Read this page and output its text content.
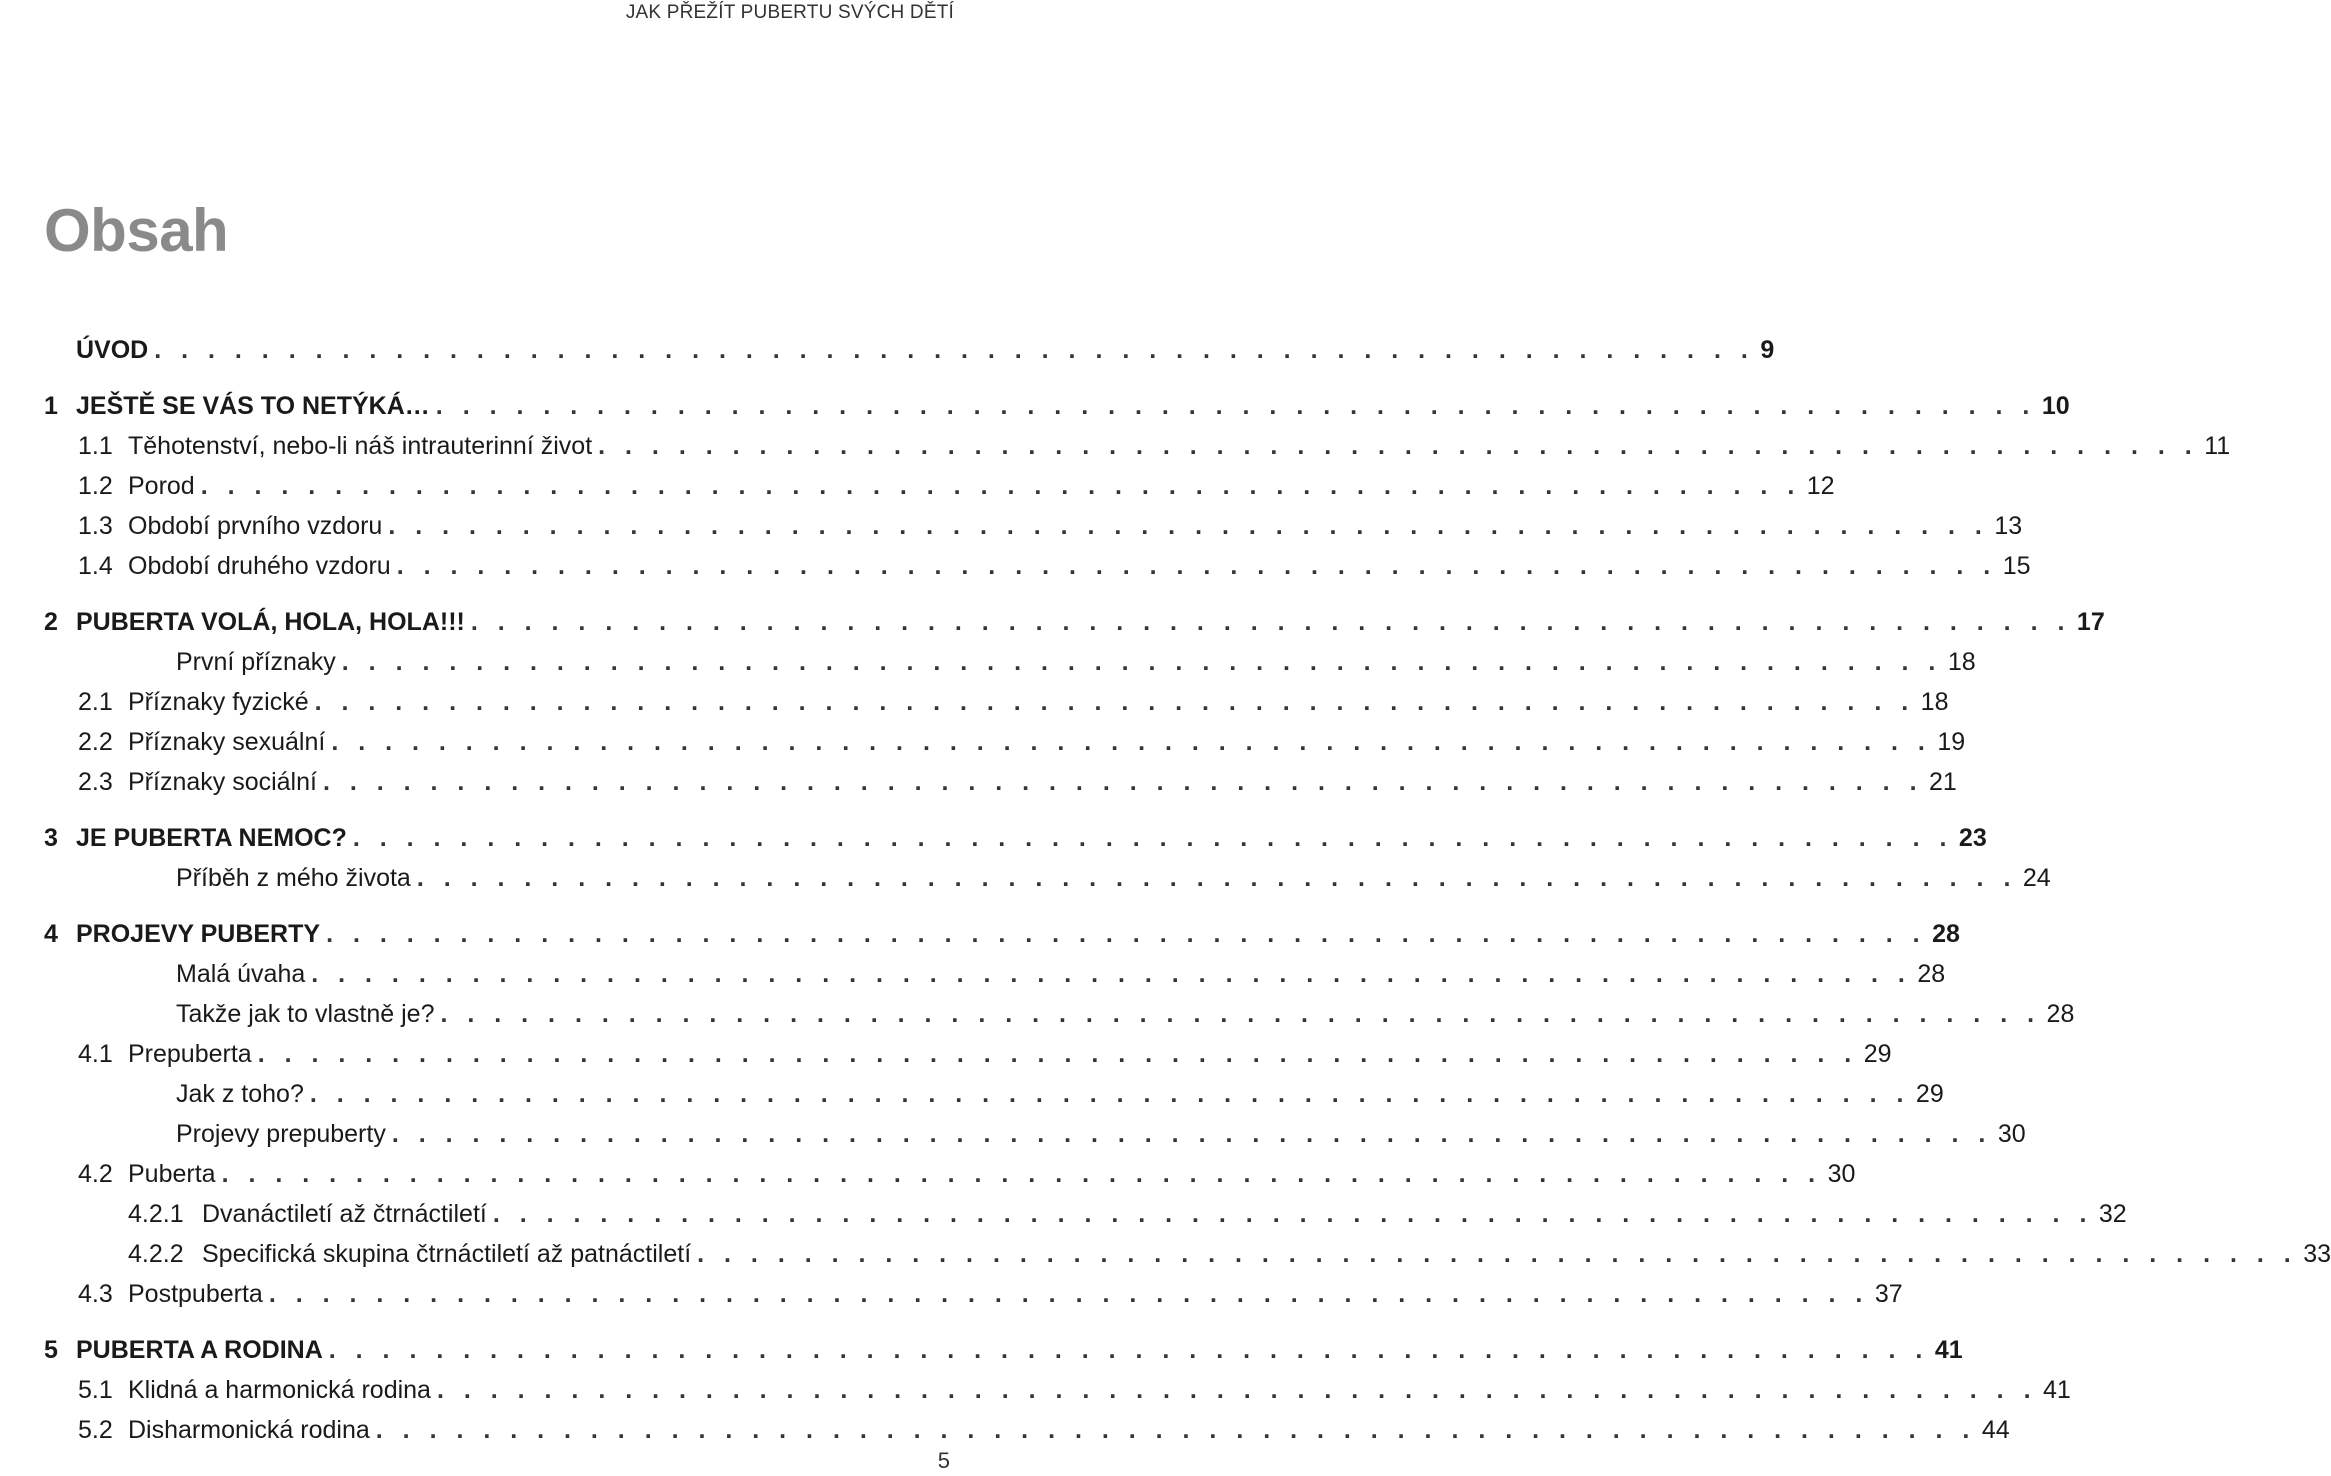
JAK PŘEŽÍT PUBERTU SVÝCH DĚTÍ
Obsah
ÚVOD . . . . . . . . . . . . . . . . . . . . . . . . . . . . . . . . . . . . . . . . . . . . . . . . . . . . . . . . . . . . 9
1 JEŠTĚ SE VÁS TO NETÝKÁ… . . . . . . . . . . . . . . . . . . . . . . . . . . . . . . . . . . . . . . . . . . . . . . . . . . . . . . . . . . . . 10
1.1 Těhotenství, nebo-li náš intrauterinní život . . . . . . . . . . . . . . . . . . . . . . . . . . . . . . . . . . . . . . . . . . . . . . . . . . . . . . . . . . . . 11
1.2 Porod . . . . . . . . . . . . . . . . . . . . . . . . . . . . . . . . . . . . . . . . . . . . . . . . . . . . . . . . . . . . 12
1.3 Období prvního vzdoru . . . . . . . . . . . . . . . . . . . . . . . . . . . . . . . . . . . . . . . . . . . . . . . . . . . . . . . . . . . . 13
1.4 Období druhého vzdoru . . . . . . . . . . . . . . . . . . . . . . . . . . . . . . . . . . . . . . . . . . . . . . . . . . . . . . . . . . . . 15
2 PUBERTA VOLÁ, HOLA, HOLA!!! . . . . . . . . . . . . . . . . . . . . . . . . . . . . . . . . . . . . . . . . . . . . . . . . . . . . . . . . . . . . 17
První příznaky . . . . . . . . . . . . . . . . . . . . . . . . . . . . . . . . . . . . . . . . . . . . . . . . . . . . . . . . . . . . 18
2.1 Příznaky fyzické . . . . . . . . . . . . . . . . . . . . . . . . . . . . . . . . . . . . . . . . . . . . . . . . . . . . . . . . . . . . 18
2.2 Příznaky sexuální . . . . . . . . . . . . . . . . . . . . . . . . . . . . . . . . . . . . . . . . . . . . . . . . . . . . . . . . . . . . 19
2.3 Příznaky sociální . . . . . . . . . . . . . . . . . . . . . . . . . . . . . . . . . . . . . . . . . . . . . . . . . . . . . . . . . . . . 21
3 JE PUBERTA NEMOC? . . . . . . . . . . . . . . . . . . . . . . . . . . . . . . . . . . . . . . . . . . . . . . . . . . . . . . . . . . . . 23
Příběh z mého života . . . . . . . . . . . . . . . . . . . . . . . . . . . . . . . . . . . . . . . . . . . . . . . . . . . . . . . . . . . . 24
4 PROJEVY PUBERTY . . . . . . . . . . . . . . . . . . . . . . . . . . . . . . . . . . . . . . . . . . . . . . . . . . . . . . . . . . . . 28
Malá úvaha . . . . . . . . . . . . . . . . . . . . . . . . . . . . . . . . . . . . . . . . . . . . . . . . . . . . . . . . . . . . 28
Takže jak to vlastně je? . . . . . . . . . . . . . . . . . . . . . . . . . . . . . . . . . . . . . . . . . . . . . . . . . . . . . . . . . . . . 28
4.1 Prepuberta . . . . . . . . . . . . . . . . . . . . . . . . . . . . . . . . . . . . . . . . . . . . . . . . . . . . . . . . . . . . 29
Jak z toho? . . . . . . . . . . . . . . . . . . . . . . . . . . . . . . . . . . . . . . . . . . . . . . . . . . . . . . . . . . . . 29
Projevy prepuberty . . . . . . . . . . . . . . . . . . . . . . . . . . . . . . . . . . . . . . . . . . . . . . . . . . . . . . . . . . . . 30
4.2 Puberta . . . . . . . . . . . . . . . . . . . . . . . . . . . . . . . . . . . . . . . . . . . . . . . . . . . . . . . . . . . . 30
4.2.1 Dvanáctiletí až čtrnáctiletí . . . . . . . . . . . . . . . . . . . . . . . . . . . . . . . . . . . . . . . . . . . . . . . . . . . . . . . . . . . . 32
4.2.2 Specifická skupina čtrnáctiletí až patnáctiletí . . . . . . . . . . . . . . . . . . . . . . . . . . . . . . . . . . . . . . . . . . . . . . . . . . . . . . . . . . . . 33
4.3 Postpuberta . . . . . . . . . . . . . . . . . . . . . . . . . . . . . . . . . . . . . . . . . . . . . . . . . . . . . . . . . . . . 37
5 PUBERTA A RODINA . . . . . . . . . . . . . . . . . . . . . . . . . . . . . . . . . . . . . . . . . . . . . . . . . . . . . . . . . . . . 41
5.1 Klidná a harmonická rodina . . . . . . . . . . . . . . . . . . . . . . . . . . . . . . . . . . . . . . . . . . . . . . . . . . . . . . . . . . . . 41
5.2 Disharmonická rodina . . . . . . . . . . . . . . . . . . . . . . . . . . . . . . . . . . . . . . . . . . . . . . . . . . . . . . . . . . . . 44
5
